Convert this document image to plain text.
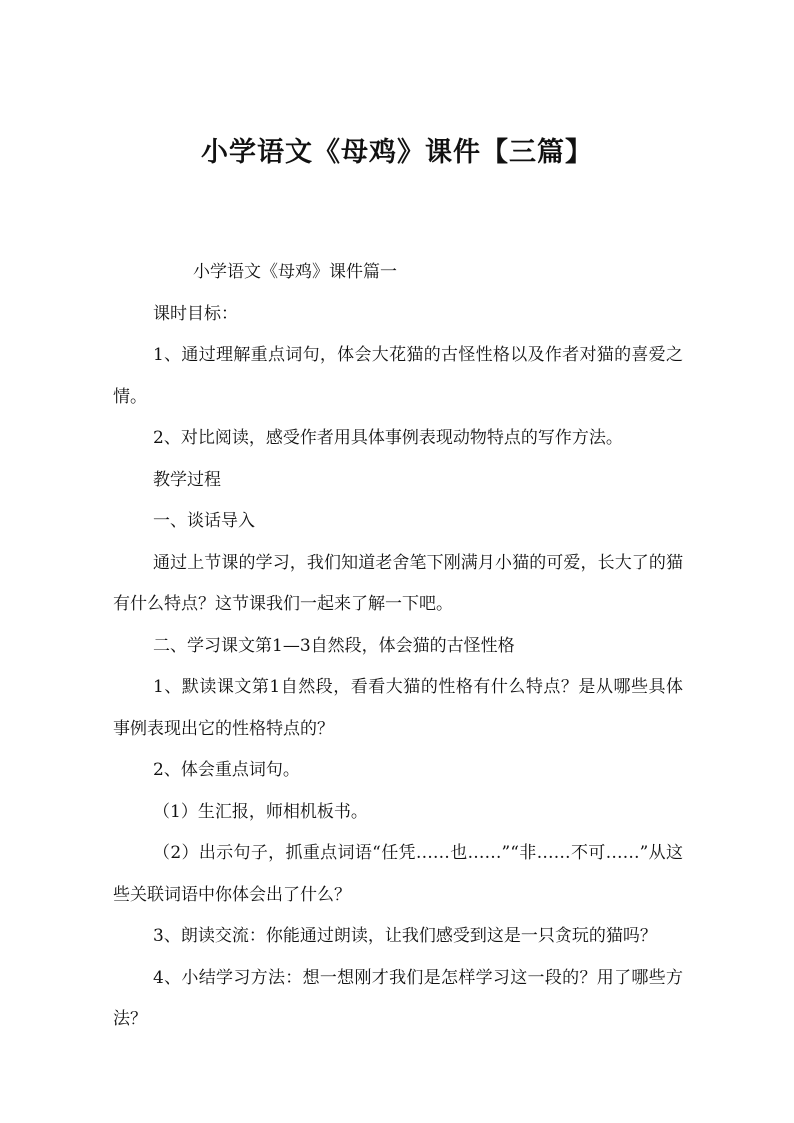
小学语文《母鸡》课件【三篇】

小学语文《母鸡》课件篇一

课时目标：

1、通过理解重点词句，体会大花猫的古怪性格以及作者对猫的喜爱之情。

2、对比阅读，感受作者用具体事例表现动物特点的写作方法。

教学过程

一、谈话导入

通过上节课的学习，我们知道老舍笔下刚满月小猫的可爱，长大了的猫有什么特点？这节课我们一起来了解一下吧。

二、学习课文第1—3自然段，体会猫的古怪性格

1、默读课文第1自然段，看看大猫的性格有什么特点？是从哪些具体事例表现出它的性格特点的？

2、体会重点词句。

（1）生汇报，师相机板书。

（2）出示句子，抓重点词语“任凭……也……”“非……不可……”从这些关联词语中你体会出了什么？

3、朗读交流：你能通过朗读，让我们感受到这是一只贪玩的猫吗？

4、小结学习方法：想一想刚才我们是怎样学习这一段的？用了哪些方法？
